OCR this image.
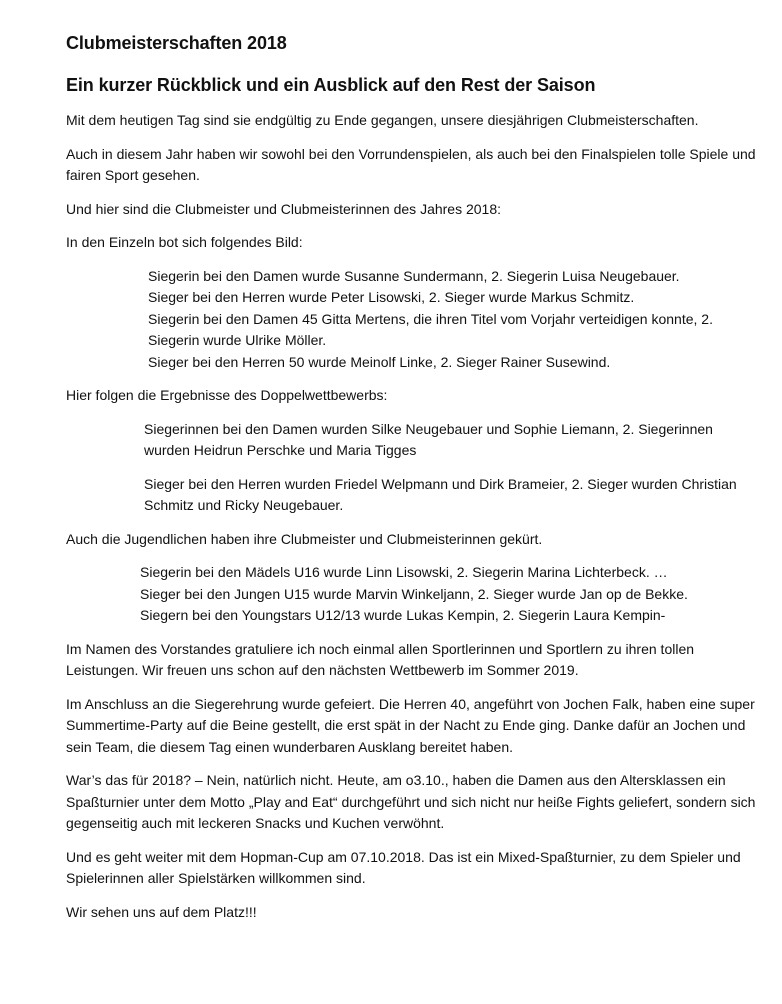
Clubmeisterschaften 2018
Ein kurzer Rückblick und ein Ausblick auf den Rest der Saison

Mit dem heutigen Tag sind sie endgültig zu Ende gegangen, unsere diesjährigen Clubmeisterschaften.

Auch in diesem Jahr haben wir sowohl bei den Vorrundenspielen, als auch bei den Finalspielen tolle Spiele und fairen Sport gesehen.

Und hier sind die Clubmeister und Clubmeisterinnen des Jahres 2018:

In den Einzeln bot sich folgendes Bild:

Siegerin bei den Damen wurde Susanne Sundermann, 2. Siegerin Luisa Neugebauer.

Sieger bei den Herren wurde Peter Lisowski, 2. Sieger wurde Markus Schmitz.

Siegerin bei den Damen 45 Gitta Mertens, die ihren Titel vom Vorjahr verteidigen konnte, 2. Siegerin wurde Ulrike Möller.

Sieger bei den Herren 50 wurde Meinolf Linke, 2. Sieger Rainer Susewind.

Hier folgen die Ergebnisse des Doppelwettbewerbs:

Siegerinnen bei den Damen wurden Silke Neugebauer und Sophie Liemann, 2. Siegerinnen wurden Heidrun Perschke und Maria Tigges

Sieger bei den Herren wurden Friedel Welpmann und Dirk Brameier, 2. Sieger wurden Christian Schmitz und Ricky Neugebauer.

Auch die Jugendlichen haben ihre Clubmeister und Clubmeisterinnen gekürt.

Siegerin bei den Mädels U16 wurde Linn Lisowski, 2. Siegerin Marina Lichterbeck. …

Sieger bei den Jungen U15 wurde Marvin Winkeljann, 2. Sieger wurde Jan op de Bekke.

Siegern bei den Youngstars U12/13 wurde Lukas Kempin, 2. Siegerin Laura Kempin-

Im Namen des Vorstandes gratuliere ich noch einmal allen Sportlerinnen und Sportlern zu ihren tollen Leistungen. Wir freuen uns schon auf den nächsten Wettbewerb im Sommer 2019.

Im Anschluss an die Siegerehrung wurde gefeiert. Die Herren 40, angeführt von Jochen Falk, haben eine super Summertime-Party auf die Beine gestellt, die erst spät in der Nacht zu Ende ging. Danke dafür an Jochen und sein Team, die diesem Tag einen wunderbaren Ausklang bereitet haben.

War’s das für 2018? – Nein, natürlich nicht. Heute, am o3.10., haben die Damen aus den Altersklassen ein Spaßturnier unter dem Motto „Play and Eat“ durchgeführt und sich nicht nur heiße Fights geliefert, sondern sich gegenseitig auch mit leckeren Snacks und Kuchen verwöhnt.

Und es geht weiter mit dem Hopman-Cup am 07.10.2018. Das ist ein Mixed-Spaßturnier, zu dem Spieler und Spielerinnen aller Spielstärken willkommen sind.

Wir sehen uns auf dem Platz!!!
